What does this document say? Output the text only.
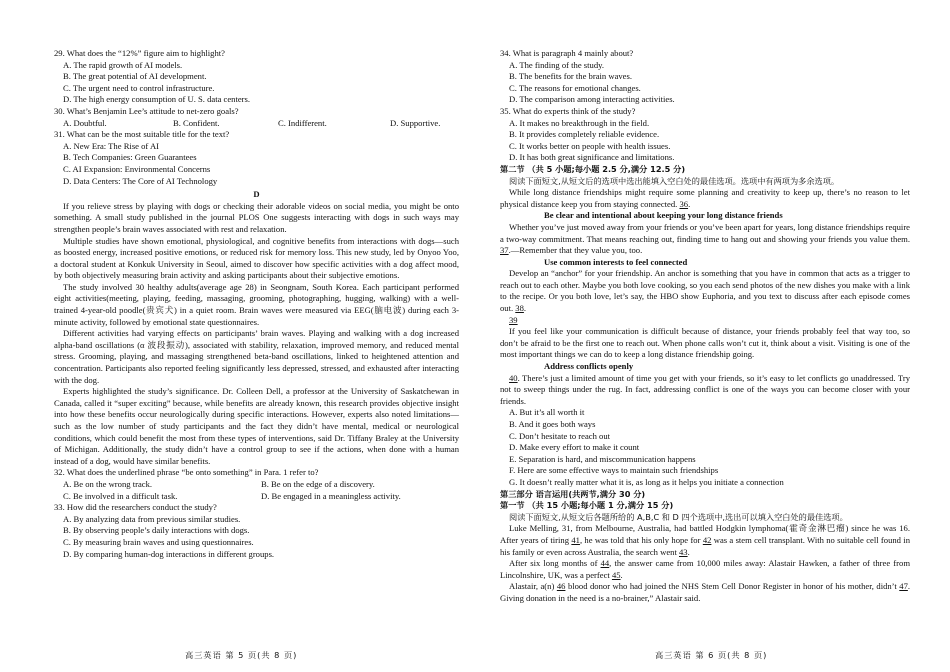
29. What does the “12%” figure aim to highlight?

A. The rapid growth of AI models.

B. The great potential of AI development.

C. The urgent need to control infrastructure.

D. The high energy consumption of U. S. data centers.

30. What’s Benjamin Lee’s attitude to net-zero goals?

A. Doubtful.	B. Confident.	C. Indifferent.	D. Supportive.

31. What can be the most suitable title for the text?

A. New Era: The Rise of AI

B. Tech Companies: Green Guarantees

C. AI Expansion: Environmental Concerns

D. Data Centers: The Core of AI Technology

D

If you relieve stress by playing with dogs or checking their adorable videos on social media, you might be onto something. A small study published in the journal PLOS One suggests interacting with dogs in such ways may strengthen people’s brain waves associated with rest and relaxation.

Multiple studies have shown emotional, physiological, and cognitive benefits from interactions with dogs—such as boosted energy, increased positive emotions, or reduced risk for memory loss. This new study, led by Onyoo Yoo, a doctoral student at Konkuk University in Seoul, aimed to discover how specific activities with a dog affect mood, by both objectively measuring brain activity and asking participants about their subjective emotions.

The study involved 30 healthy adults(average age 28) in Seongnam, South Korea. Each participant performed eight activities(meeting, playing, feeding, massaging, grooming, photographing, hugging, walking) with a well-trained 4-year-old poodle(贵宾犬) in a quiet room. Brain waves were measured via EEG(脑电波) during each 3-minute activity, followed by emotional state questionnaires.

Different activities had varying effects on participants’ brain waves. Playing and walking with a dog increased alpha-band oscillations (α 波段振动), associated with stability, relaxation, improved memory, and reduced mental stress. Grooming, playing, and massaging strengthened beta-band oscillations, linked to heightened attention and concentration. Participants also reported feeling significantly less depressed, stressed, and exhausted after interacting with the dog.

Experts highlighted the study’s significance. Dr. Colleen Dell, a professor at the University of Saskatchewan in Canada, called it “super exciting” because, while benefits are already known, this research provides objective insight into how these benefits occur neurologically during specific interactions. However, experts also noted limitations—such as the low number of study participants and the fact they didn’t have mental, medical or neurological conditions, which could benefit the most from these types of interventions, said Dr. Tiffany Braley at the University of Michigan. Additionally, the study didn’t have a control group to see if the actions, when done with a human instead of a dog, would have similar benefits.

32. What does the underlined phrase “be onto something” in Para. 1 refer to?

A. Be on the wrong track.	B. Be on the edge of a discovery.
C. Be involved in a difficult task.	D. Be engaged in a meaningless activity.

33. How did the researchers conduct the study?

A. By analyzing data from previous similar studies.

B. By observing people’s daily interactions with dogs.

C. By measuring brain waves and using questionnaires.

D. By comparing human-dog interactions in different groups.

34. What is paragraph 4 mainly about?

A. The finding of the study.

B. The benefits for the brain waves.

C. The reasons for emotional changes.

D. The comparison among interacting activities.

35. What do experts think of the study?

A. It makes no breakthrough in the field.

B. It provides completely reliable evidence.

C. It works better on people with health issues.

D. It has both great significance and limitations.

第二节 （共 5 小题;每小题 2.5 分,满分 12.5 分)

阅读下面短文,从短文后的选项中选出能填入空白处的最佳选项。选项中有两项为多余选项。

While long distance friendships might require some planning and creativity to keep up, there’s no reason to let physical distance keep you from staying connected. 36.

Be clear and intentional about keeping your long distance friends

Whether you’ve just moved away from your friends or you’ve been apart for years, long distance friendships require a two-way commitment. That means reaching out, finding time to hang out and showing your friends you value them. 37.—Remember that they value you, too.

Use common interests to feel connected

Develop an “anchor” for your friendship. An anchor is something that you have in common that acts as a trigger to reach out to each other. Maybe you both love cooking, so you each send photos of the new dishes you make with a link to the recipe. Or you both love, let’s say, the HBO show Euphoria, and you text to discuss after each episode comes out. 38.

39

If you feel like your communication is difficult because of distance, your friends probably feel that way too, so don’t be afraid to be the first one to reach out. When phone calls won’t cut it, think about a visit. Visiting is one of the most important things we can do to keep a long distance friendship going.

Address conflicts openly

40. There’s just a limited amount of time you get with your friends, so it’s easy to let conflicts go unaddressed. Try not to sweep things under the rug. In fact, addressing conflict is one of the ways you can become closer with your friends.

A. But it’s all worth it

B. And it goes both ways

C. Don’t hesitate to reach out

D. Make every effort to make it count

E. Separation is hard, and miscommunication happens

F. Here are some effective ways to maintain such friendships

G. It doesn’t really matter what it is, as long as it helps you initiate a connection

第三部分 语言运用(共两节,满分 30 分)

第一节 （共 15 小题;每小题 1 分,满分 15 分)

阅读下面短文,从短文后各题所给的 A,B,C 和 D 四个选项中,选出可以填入空白处的最佳选项。

Luke Melling, 31, from Melbourne, Australia, had battled Hodgkin lymphoma(霍奇金淋巴瘤) since he was 16. After years of tiring 41, he was told that his only hope for 42 was a stem cell transplant. With no suitable cell found in his family or even across Australia, the search went 43.

After six long months of 44, the answer came from 10,000 miles away: Alastair Hawken, a father of three from Lincolnshire, UK, was a perfect 45.

Alastair, a(n) 46 blood donor who had joined the NHS Stem Cell Donor Register in honor of his mother, didn’t 47. Giving donation in the need is a no-brainer,” Alastair said.

高三英语 第 5 页(共 8 页)	高三英语 第 6 页(共 8 页)
